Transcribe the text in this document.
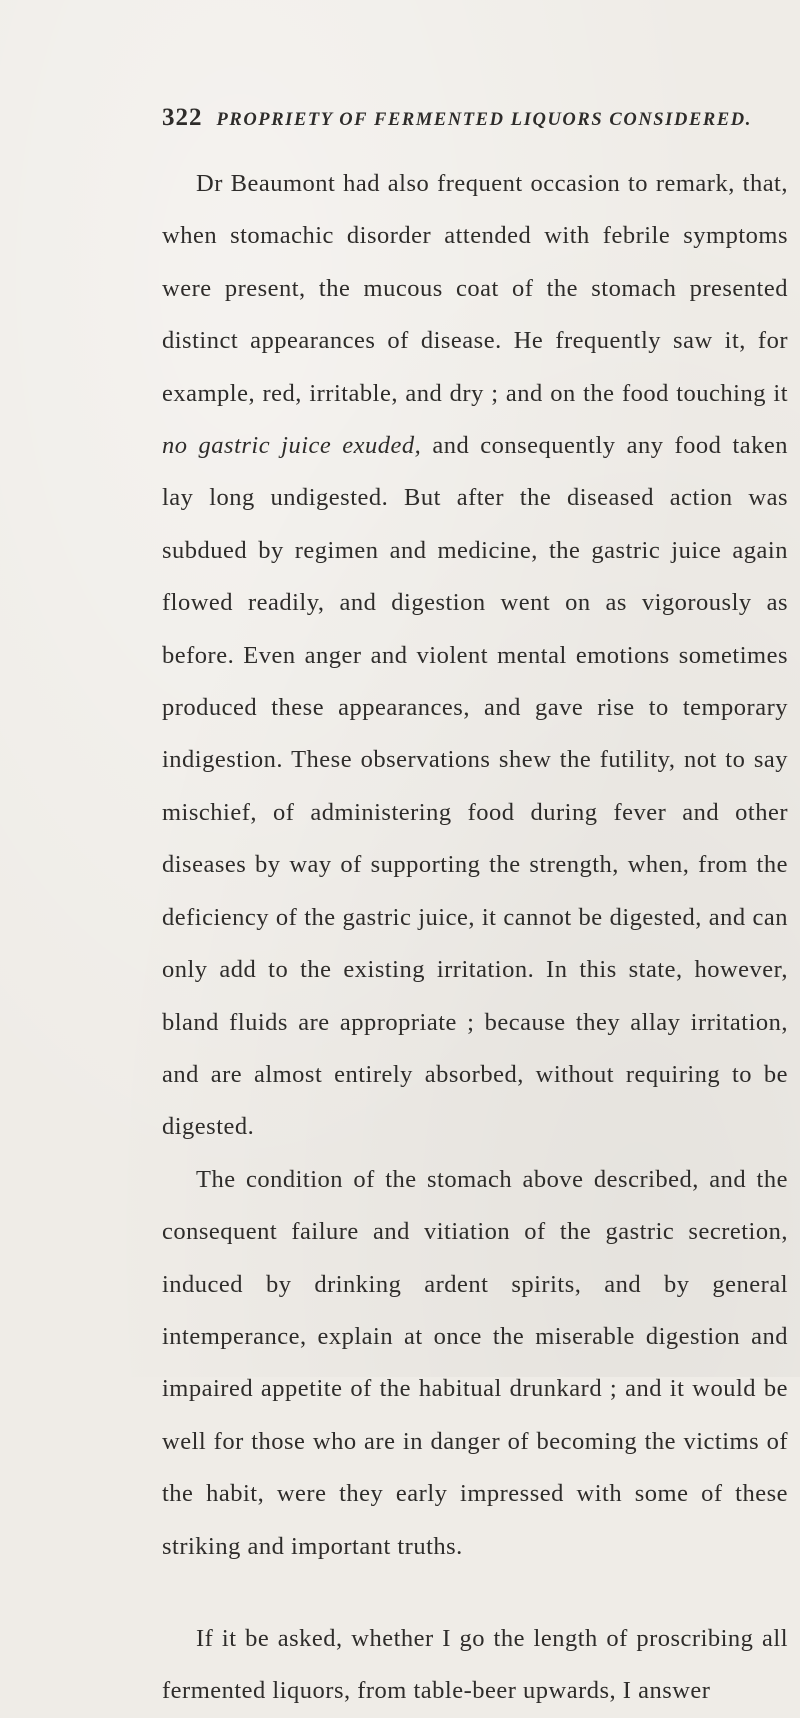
322 PROPRIETY OF FERMENTED LIQUORS CONSIDERED.

Dr Beaumont had also frequent occasion to remark, that, when stomachic disorder attended with febrile symptoms were present, the mucous coat of the stomach presented distinct appearances of disease. He frequently saw it, for example, red, irritable, and dry ; and on the food touching it no gastric juice exuded, and consequently any food taken lay long undigested. But after the diseased action was subdued by regimen and medicine, the gastric juice again flowed readily, and digestion went on as vigorously as before. Even anger and violent mental emotions sometimes produced these appearances, and gave rise to temporary indigestion. These observations shew the futility, not to say mischief, of administering food during fever and other diseases by way of supporting the strength, when, from the deficiency of the gastric juice, it cannot be digested, and can only add to the existing irritation. In this state, however, bland fluids are appropriate ; because they allay irritation, and are almost entirely absorbed, without requiring to be digested.

The condition of the stomach above described, and the consequent failure and vitiation of the gastric secretion, induced by drinking ardent spirits, and by general intemperance, explain at once the miserable digestion and impaired appetite of the habitual drunkard ; and it would be well for those who are in danger of becoming the victims of the habit, were they early impressed with some of these striking and important truths.

If it be asked, whether I go the length of proscribing all fermented liquors, from table-beer upwards, I answer
